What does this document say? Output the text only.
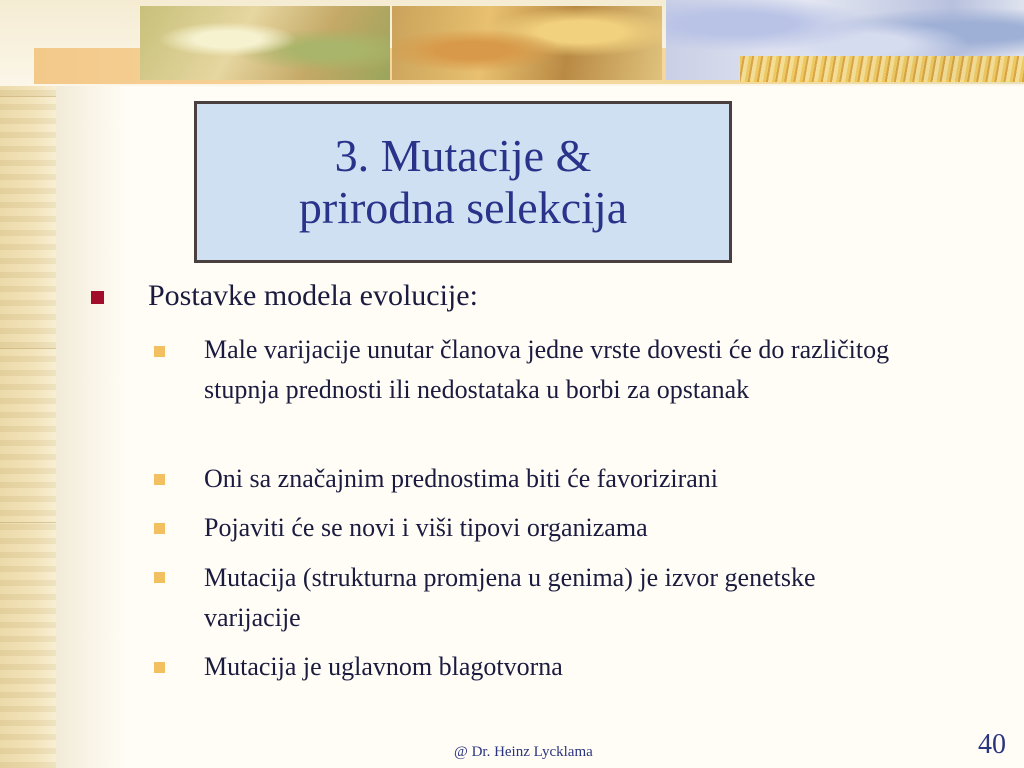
3. Mutacije &
prirodna selekcija
Postavke modela evolucije:
Male varijacije unutar članova jedne vrste dovesti će do različitog stupnja prednosti ili nedostataka u borbi za opstanak
Oni sa značajnim prednostima biti će favorizirani
Pojaviti će se novi i viši tipovi organizama
Mutacija (strukturna promjena u genima) je izvor genetske varijacije
Mutacija je uglavnom blagotvorna
@ Dr. Heinz Lycklama	40
